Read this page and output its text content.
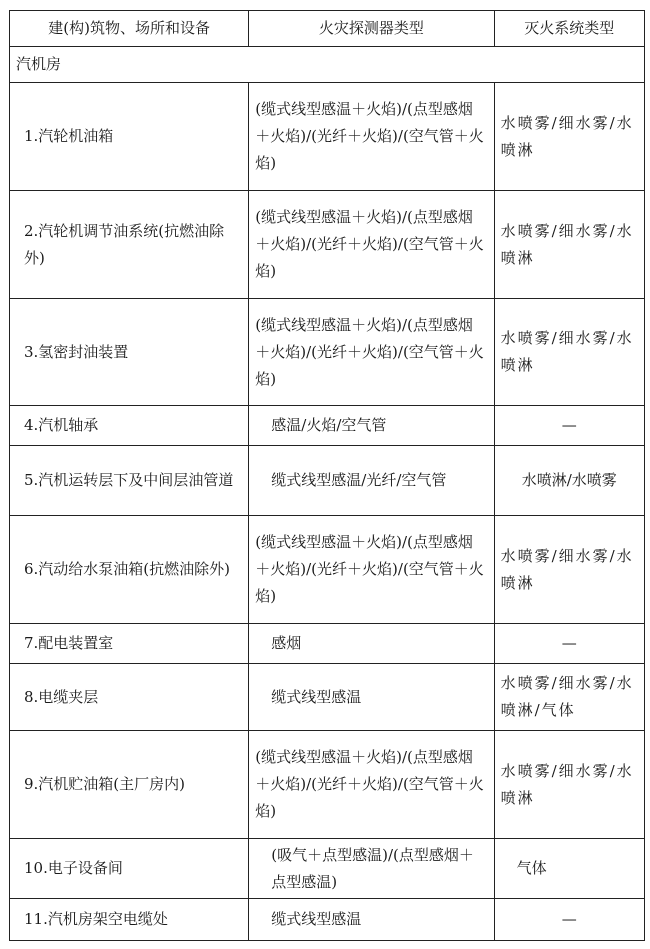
建(构)筑物、场所和设备	火灾探测器类型	灭火系统类型
汽机房		
1.汽轮机油箱	(缆式线型感温＋火焰)/(点型感烟＋火焰)/(光纤＋火焰)/(空气管＋火焰)	水喷雾/细水雾/水喷淋
2.汽轮机调节油系统(抗燃油除外)	(缆式线型感温＋火焰)/(点型感烟＋火焰)/(光纤＋火焰)/(空气管＋火焰)	水喷雾/细水雾/水喷淋
3.氢密封油装置	(缆式线型感温＋火焰)/(点型感烟＋火焰)/(光纤＋火焰)/(空气管＋火焰)	水喷雾/细水雾/水喷淋
4.汽机轴承	感温/火焰/空气管	—
5.汽机运转层下及中间层油管道	缆式线型感温/光纤/空气管	水喷淋/水喷雾
6.汽动给水泵油箱(抗燃油除外)	(缆式线型感温＋火焰)/(点型感烟＋火焰)/(光纤＋火焰)/(空气管＋火焰)	水喷雾/细水雾/水喷淋
7.配电装置室	感烟	—
8.电缆夹层	缆式线型感温	水喷雾/细水雾/水喷淋/气体
9.汽机贮油箱(主厂房内)	(缆式线型感温＋火焰)/(点型感烟＋火焰)/(光纤＋火焰)/(空气管＋火焰)	水喷雾/细水雾/水喷淋
10.电子设备间	(吸气＋点型感温)/(点型感烟＋点型感温)	气体
11.汽机房架空电缆处	缆式线型感温	—
